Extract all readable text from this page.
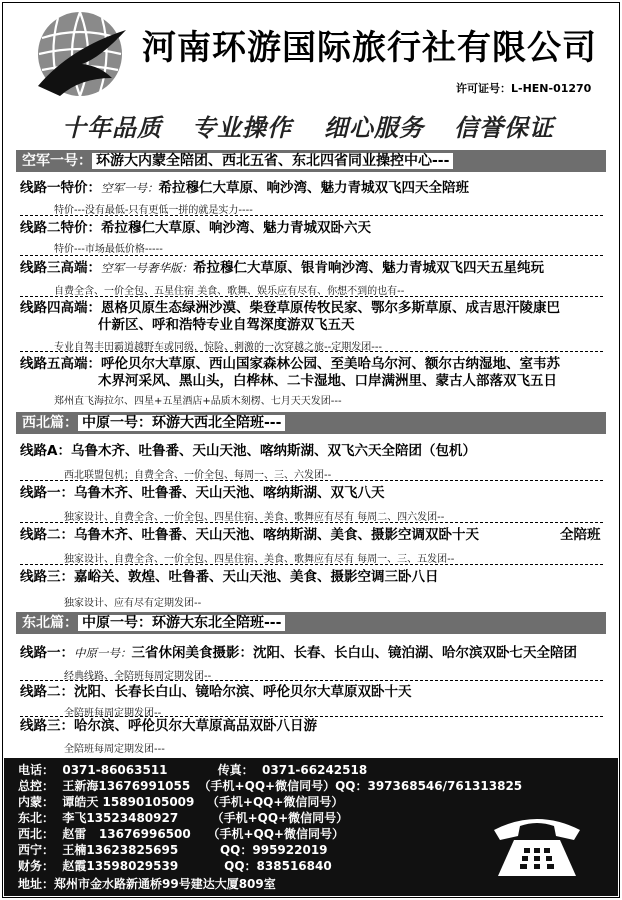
河南环游国际旅行社有限公司
许可证号：L-HEN-01270
十年品质 专业操作 细心服务 信誉保证
空军一号： 环游大内蒙全陪团、西北五省、东北四省同业操控中心---
线路一特价：空军一号：希拉穆仁大草原、响沙湾、魅力青城双飞四天全陪班
特价---没有最低-只有更低一拼的就是实力----
线路二特价：希拉穆仁大草原、响沙湾、魅力青城双卧六天
特价---市场最低价格-----
线路三高端：空军一号奢华版：希拉穆仁大草原、银肯响沙湾、魅力青城双飞四天五星纯玩
自费全含、一价全包、五星住宿 美食、歌舞、娱乐应有尽有、你想不到的也有--
线路四高端：恩格贝原生态绿洲沙漠、柴登草原传牧民家、鄂尔多斯草原、成吉思汗陵康巴
什新区、呼和浩特专业自驾深度游双飞五天
专业自驾丰田霸道越野车或同级，惊险、刺激的一次穿越之旅--定期发团---
线路五高端：呼伦贝尔大草原、西山国家森林公园、至美哈乌尔河、额尔古纳湿地、室韦苏
木界河采风、黑山头，白桦林、二卡湿地、口岸满洲里、蒙古人部落双飞五日
郑州直飞海拉尔、四星+五星酒店+品质木刻楞、七月天天发团---
西北篇： 中原一号：环游大西北全陪班---
线路A：乌鲁木齐、吐鲁番、天山天池、喀纳斯湖、双飞六天全陪团（包机）
西北联盟包机；自费全含、一价全包、每周一、三、六发团--
线路一：乌鲁木齐、吐鲁番、天山天池、喀纳斯湖、双飞八天
独家设计、自费全含、一价全包、四星住宿、美食、歌舞应有尽有 每周二、四六发团--
线路二：乌鲁木齐、吐鲁番、天山天池、喀纳斯湖、美食、摄影空调双卧十天	全陪班
独家设计、自费全含、一价全包、四星住宿、美食、歌舞应有尽有 每周一、三、五发团--
线路三：嘉峪关、敦煌、吐鲁番、天山天池、美食、摄影空调三卧八日
独家设计、应有尽有定期发团--
东北篇： 中原一号：环游大东北全陪班---
线路一：中原一号：三省休闲美食摄影：沈阳、长春、长白山、镜泊湖、哈尔滨双卧七天全陪团
经典线路、全陪班每周定期发团--
线路二：沈阳、长春长白山、镜哈尔滨、呼伦贝尔大草原双卧十天
全陪班每周定期发团--
线路三：哈尔滨、呼伦贝尔大草原高品双卧八日游
全陪班每周定期发团---
电话：  0371-86063511            传真：  0371-66242518
总控：  王新海13676991055  （手机+QQ+微信同号）QQ：397368546/761313825
内蒙：  谭皓天 15890105009   （手机+QQ+微信同号）
东北：  李飞13523480927        （手机+QQ+微信同号）
西北：  赵雷   13676996500    （手机+QQ+微信同号）
西宁：  王楠13623825695          QQ：995922019
财务：  赵霞13598029539           QQ：838516840
地址：郑州市金水路新通桥99号建达大厦809室
